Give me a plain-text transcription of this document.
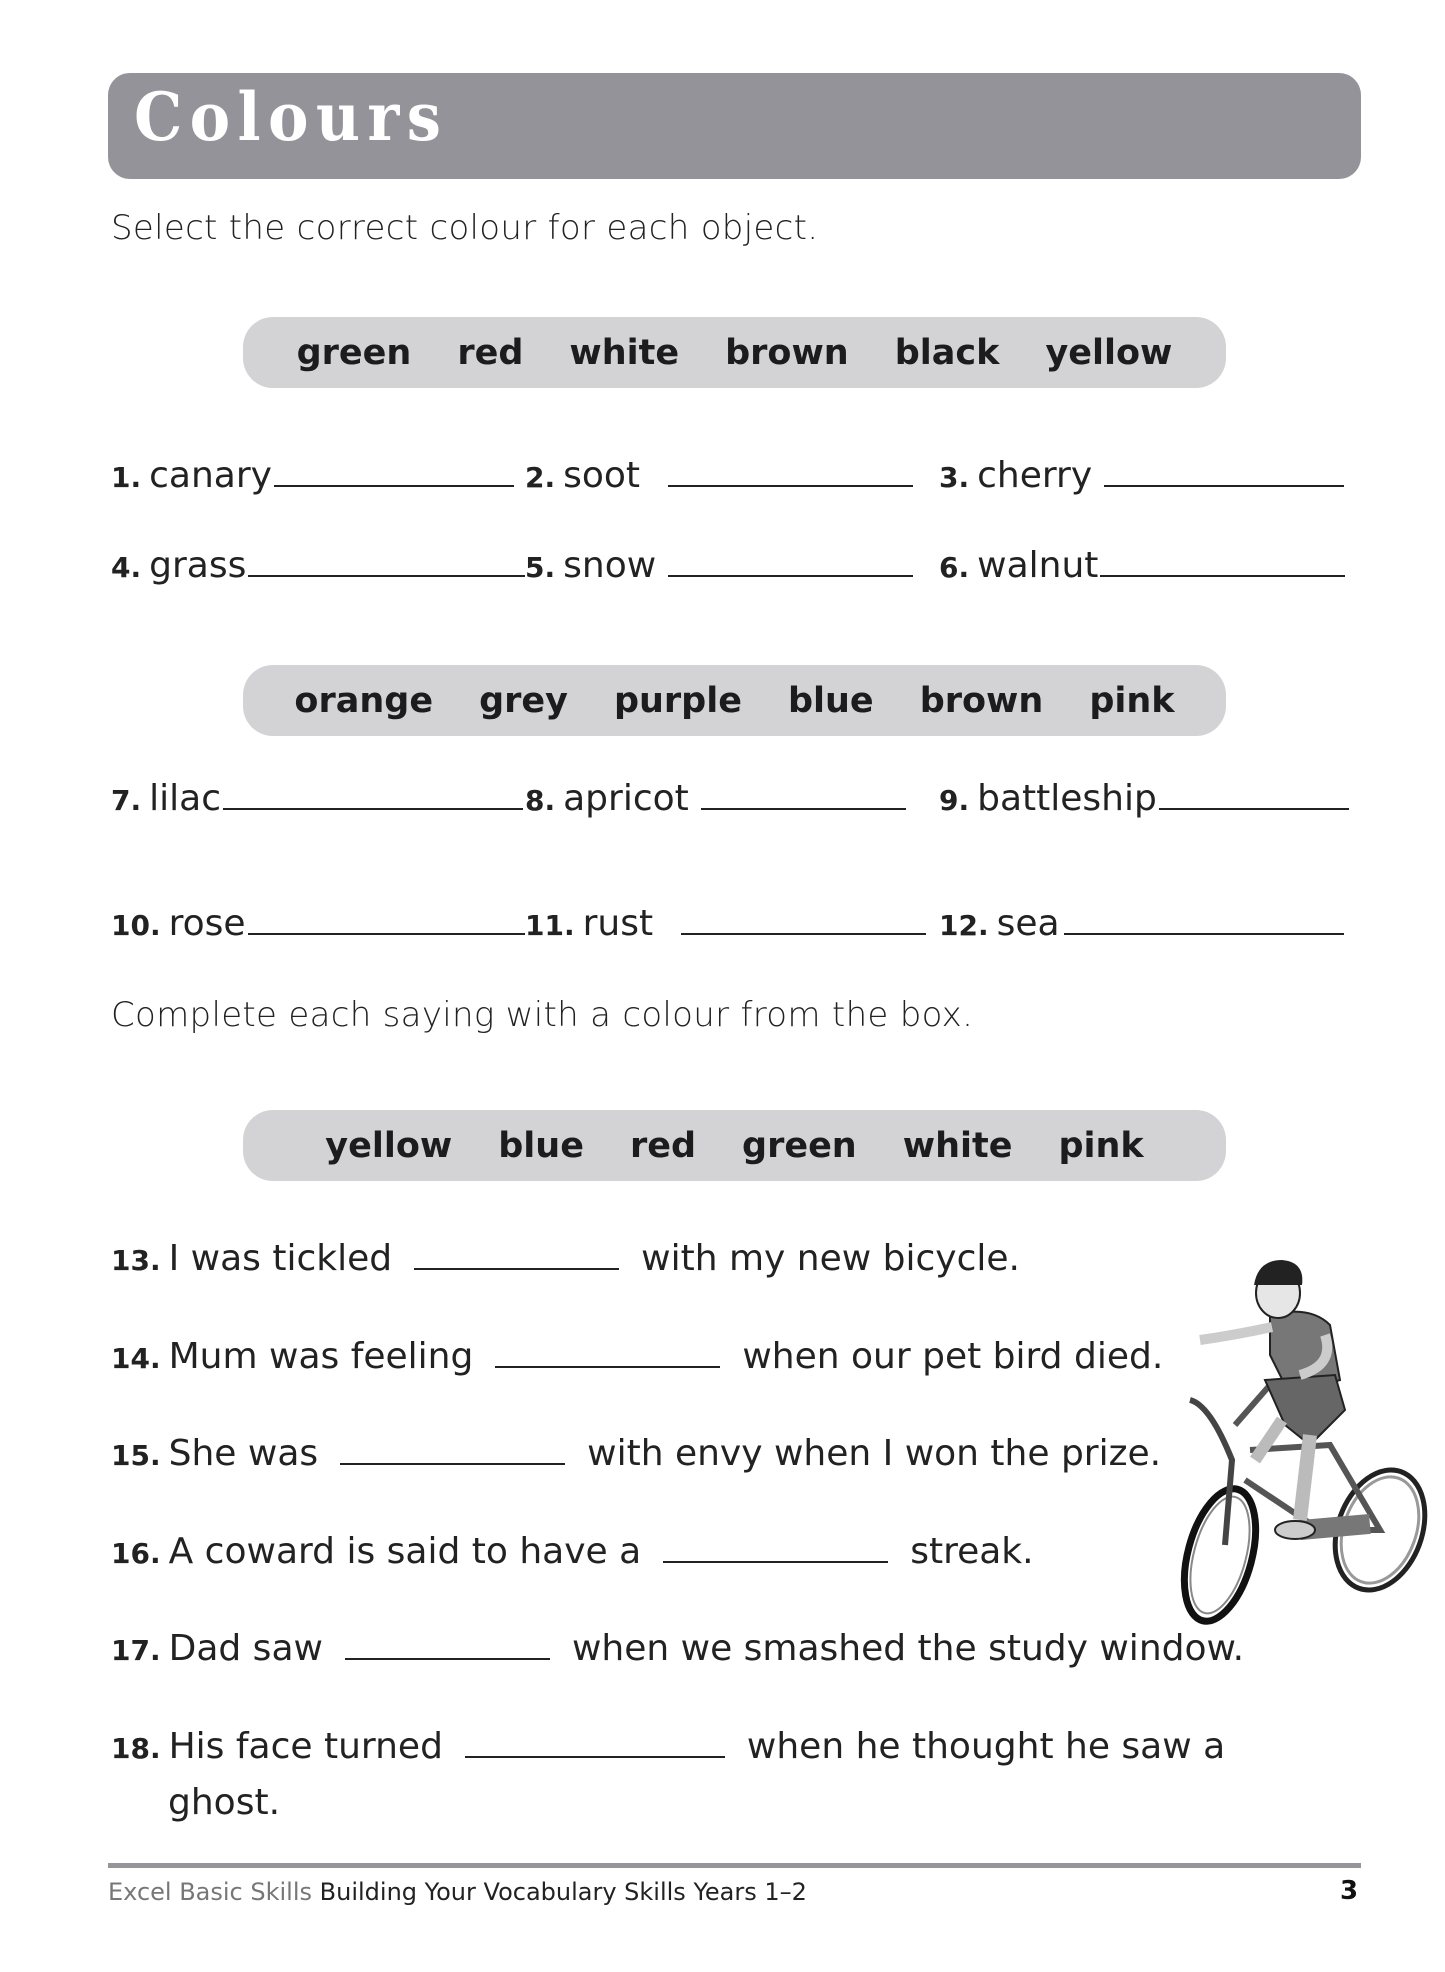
Colours
Select the correct colour for each object.
green red white brown black yellow
1. canary	2. soot	3. cherry
4. grass	5. snow	6. walnut
orange grey purple blue brown pink
7. lilac	8. apricot	9. battleship
10. rose	11. rust	12. sea
Complete each saying with a colour from the box.
yellow blue red green white pink
13. I was tickled	with my new bicycle.
14. Mum was feeling	when our pet bird died.
15. She was	with envy when I won the prize.
16. A coward is said to have a	streak.
17. Dad saw	when we smashed the study window.
18. His face turned	when he thought he saw a
ghost.
Excel Basic Skills Building Your Vocabulary Skills Years 1–2	3
